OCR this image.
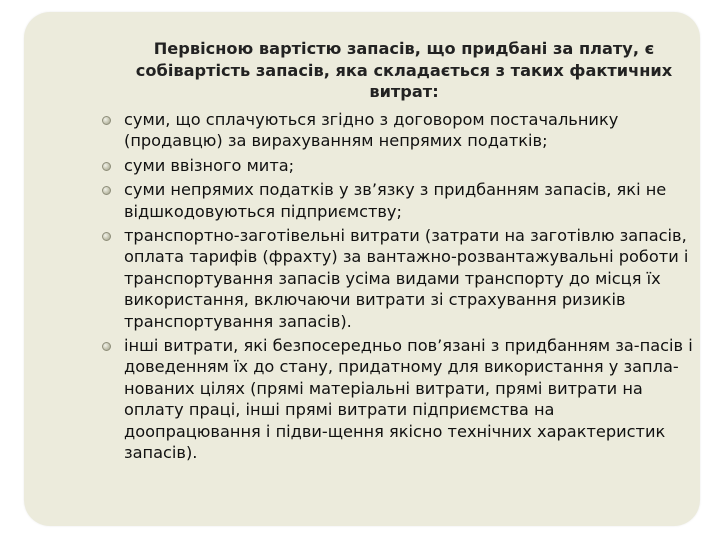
Первісною вартістю запасів, що придбані за плату, є собівартість запасів, яка складається з таких фактичних витрат:
суми, що сплачуються згідно з договором постачальнику (продавцю) за вирахуванням непрямих податків;
суми ввізного мита;
суми непрямих податків у зв’язку з придбанням запасів, які не відшкодовуються підприємству;
транспортно-заготівельні витрати (затрати на заготівлю запасів, оплата тарифів (фрахту) за вантажно-розвантажувальні роботи і транспортування запасів усіма видами транспорту до місця їх використання, включаючи витрати зі страхування ризиків транспортування запасів).
інші витрати, які безпосередньо пов’язані з придбанням за-пасів і доведенням їх до стану, придатному для використання у запла-нованих цілях (прямі матеріальні витрати, прямі витрати на оплату праці, інші прямі витрати підприємства на доопрацювання і підви-щення якісно технічних характеристик запасів).
